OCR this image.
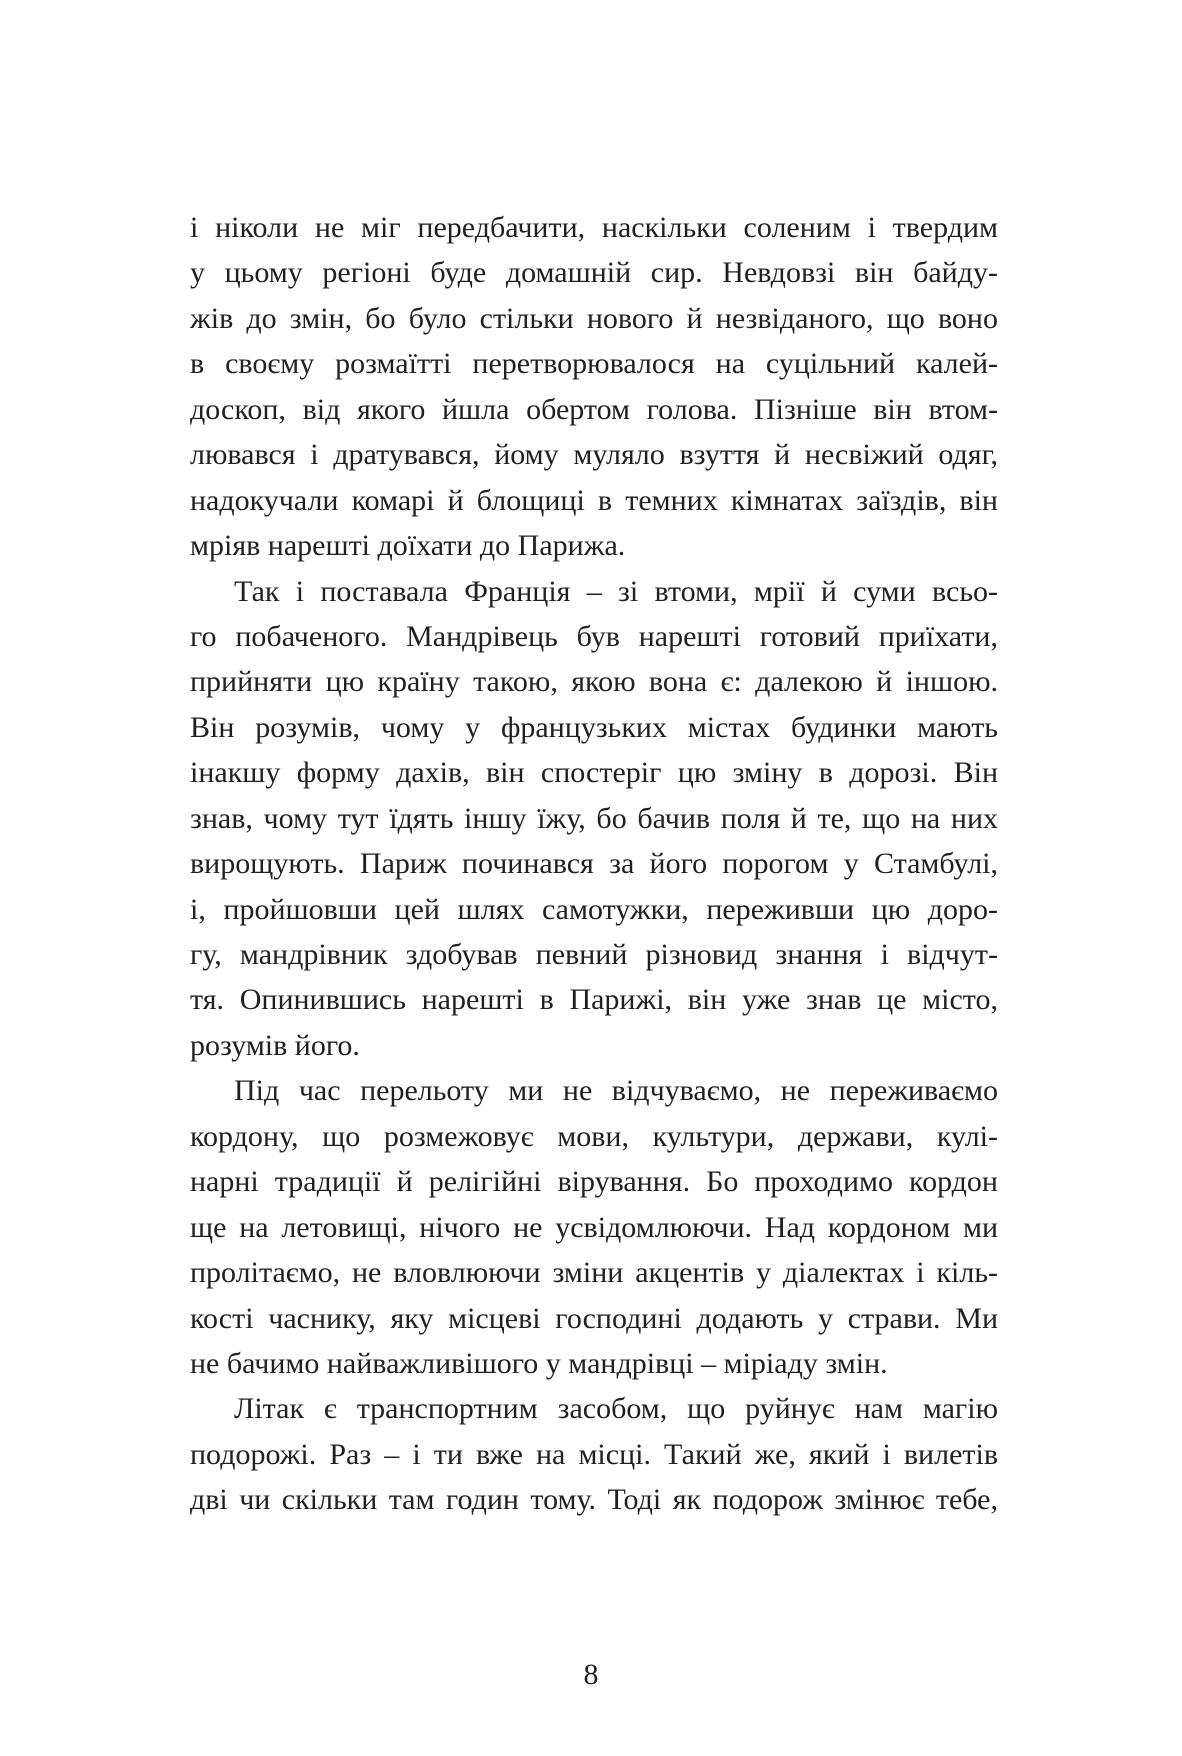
і ніколи не міг передбачити, наскільки соленим і твердим
у цьому регіоні буде домашній сир. Невдовзі він байду-
жів до змін, бо було стільки нового й незвіданого, що воно
в своєму розмаїтті перетворювалося на суцільний калей-
доскоп, від якого йшла обертом голова. Пізніше він втом-
лювався і дратувався, йому муляло взуття й несвіжий одяг,
надокучали комарі й блощиці в темних кімнатах заїздів, він
мріяв нарешті доїхати до Парижа.
Так і поставала Франція – зі втоми, мрії й суми всьо-
го побаченого. Мандрівець був нарешті готовий приїхати,
прийняти цю країну такою, якою вона є: далекою й іншою.
Він розумів, чому у французьких містах будинки мають
інакшу форму дахів, він спостеріг цю зміну в дорозі. Він
знав, чому тут їдять іншу їжу, бо бачив поля й те, що на них
вирощують. Париж починався за його порогом у Стамбулі,
і, пройшовши цей шлях самотужки, переживши цю доро-
гу, мандрівник здобував певний різновид знання і відчут-
тя. Опинившись нарешті в Парижі, він уже знав це місто,
розумів його.
Під час перельоту ми не відчуваємо, не переживаємо
кордону, що розмежовує мови, культури, держави, кулі-
нарні традиції й релігійні вірування. Бо проходимо кордон
ще на летовищі, нічого не усвідомлюючи. Над кордоном ми
пролітаємо, не вловлюючи зміни акцентів у діалектах і кіль-
кості часнику, яку місцеві господині додають у страви. Ми
не бачимо найважливішого у мандрівці – міріаду змін.
Літак є транспортним засобом, що руйнує нам магію
подорожі. Раз – і ти вже на місці. Такий же, який і вилетів
дві чи скільки там годин тому. Тоді як подорож змінює тебе,
8
